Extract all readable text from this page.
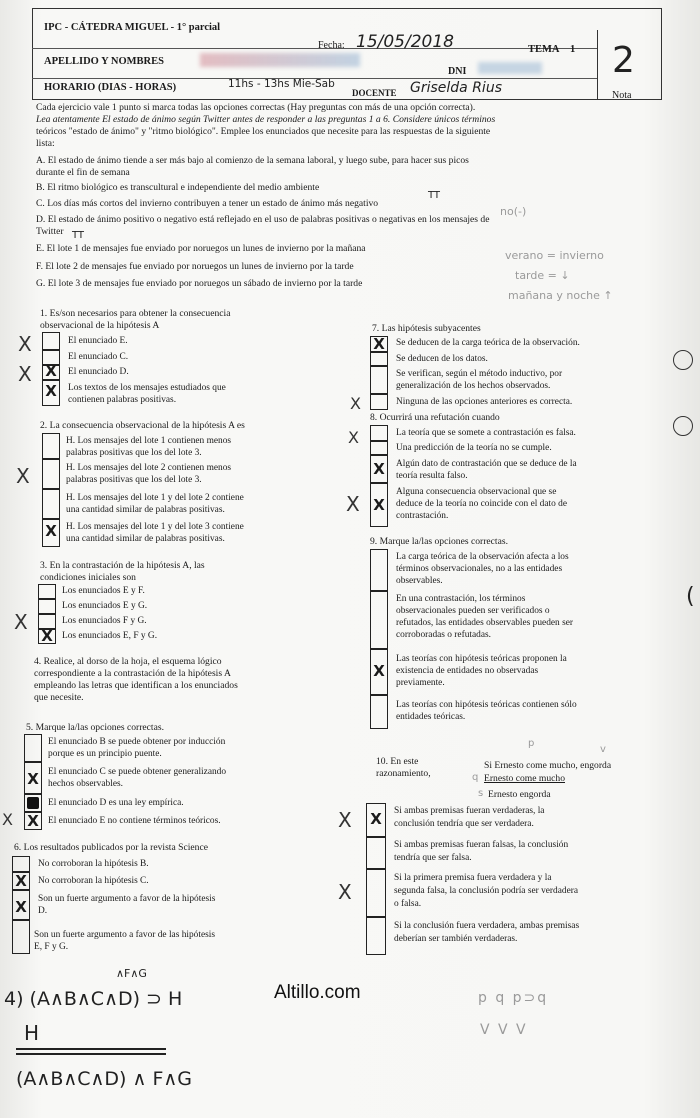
IPC - CÁTEDRA MIGUEL - 1° parcial
Fecha: 15/05/2018	TEMA 1 2
Nota
APELLIDO Y NOMBRES
HORARIO (DIAS - HORAS)	11hs - 13hs Mie-Sab
DOCENTE Griselda Rius
DNI
Cada ejercicio vale 1 punto si marca todas las opciones correctas (Hay preguntas con más de una opción correcta).
Lea atentamente El estado de ánimo según Twitter antes de responder a las preguntas 1 a 6. Considere únicos términos
teóricos "estado de ánimo" y "ritmo biológico". Emplee los enunciados que necesite para las respuestas de la siguiente
lista:
A. El estado de ánimo tiende a ser más bajo al comienzo de la semana laboral, y luego sube, para hacer sus picos
durante el fin de semana
B. El ritmo biológico es transcultural e independiente del medio ambiente
C. Los días más cortos del invierno contribuyen a tener un estado de ánimo más negativo
D. El estado de ánimo positivo o negativo está reflejado en el uso de palabras positivas o negativas en los mensajes de
Twitter
E. El lote 1 de mensajes fue enviado por noruegos un lunes de invierno por la mañana
F. El lote 2 de mensajes fue enviado por noruegos un lunes de invierno por la tarde
G. El lote 3 de mensajes fue enviado por noruegos un sábado de invierno por la tarde
TT
TT
no(-)
verano = invierno
tarde = ↓
mañana y noche ↑
1. Es/son necesarios para obtener la consecuencia
observacional de la hipótesis A
X
X
El enunciado E.
El enunciado C.
El enunciado D.
Los textos de los mensajes estudiados que
contienen palabras positivas.
X
X
2. La consecuencia observacional de la hipótesis A es
X
H. Los mensajes del lote 1 contienen menos
palabras positivas que los del lote 3.
H. Los mensajes del lote 2 contienen menos
palabras positivas que los del lote 3.
H. Los mensajes del lote 1 y del lote 2 contiene
una cantidad similar de palabras positivas.
H. Los mensajes del lote 1 y del lote 3 contiene
una cantidad similar de palabras positivas.
X
3. En la contrastación de la hipótesis A, las
condiciones iniciales son
X
Los enunciados E y F.
Los enunciados E y G.
Los enunciados F y G.
Los enunciados E, F y G.
X
4. Realice, al dorso de la hoja, el esquema lógico
correspondiente a la contrastación de la hipótesis A
empleando las letras que identifican a los enunciados
que necesite.
5. Marque la/las opciones correctas.
X
X
El enunciado B se puede obtener por inducción
porque es un principio puente.
El enunciado C se puede obtener generalizando
hechos observables.
El enunciado D es una ley empírica.
El enunciado E no contiene términos teóricos.
X
6. Los resultados publicados por la revista Science
X
X
No corroboran la hipótesis B.
No corroboran la hipótesis C.
Son un fuerte argumento a favor de la hipótesis
D.
Son un fuerte argumento a favor de las hipótesis
E, F y G.
7. Las hipótesis subyacentes
X Se deducen de la carga teórica de la observación.
Se deducen de los datos.
Se verifican, según el método inductivo, por
generalización de los hechos observados.
Ninguna de las opciones anteriores es correcta.
X
8. Ocurrirá una refutación cuando
X
X
La teoría que se somete a contrastación es falsa.
Una predicción de la teoría no se cumple.
Algún dato de contrastación que se deduce de la
teoría resulta falso.
Alguna consecuencia observacional que se
deduce de la teoría no coincide con el dato de
contrastación.
X
X
9. Marque la/las opciones correctas.
X
La carga teórica de la observación afecta a los
términos observacionales, no a las entidades
observables.
En una contrastación, los términos
observacionales pueden ser verificados o
refutados, las entidades observables pueden ser
corroboradas o refutadas.
Las teorías con hipótesis teóricas proponen la
existencia de entidades no observadas
previamente.
Las teorías con hipótesis teóricas contienen sólo
entidades teóricas.
(
10. En este
razonamiento,
Si Ernesto come mucho, engorda
Ernesto come mucho
Ernesto engorda
p
v
q
s
X Si ambas premisas fueran verdaderas, la
conclusión tendría que ser verdadera.
Si ambas premisas fueran falsas, la conclusión
tendría que ser falsa.
Si la primera premisa fuera verdadera y la
segunda falsa, la conclusión podría ser verdadera
o falsa.
Si la conclusión fuera verdadera, ambas premisas
deberían ser también verdaderas.
X
X
Altillo.com
4) (A∧B∧C∧D) ⊃ H
∧F∧G
H
(A∧B∧C∧D) ∧ F∧G
p q p⊃q
V V V
